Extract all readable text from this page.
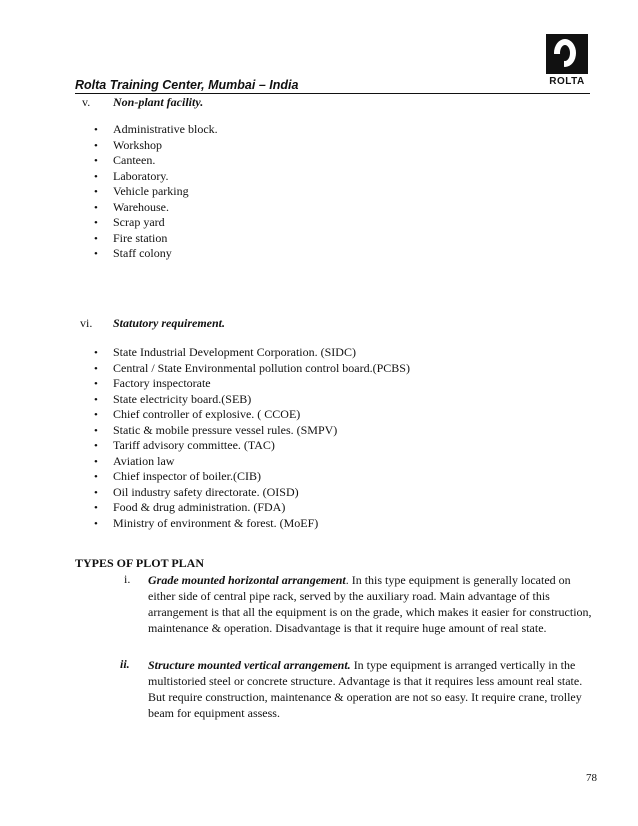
ROLTA
Rolta Training Center, Mumbai – India
v. Non-plant facility.
• Administrative block.
• Workshop
• Canteen.
• Laboratory.
• Vehicle parking
• Warehouse.
• Scrap yard
• Fire station
• Staff colony
vi. Statutory requirement.
• State Industrial Development Corporation. (SIDC)
• Central / State Environmental pollution control board.(PCBS)
• Factory inspectorate
• State electricity board.(SEB)
• Chief controller of explosive. ( CCOE)
• Static & mobile pressure vessel rules. (SMPV)
• Tariff advisory committee. (TAC)
• Aviation law
• Chief inspector of boiler.(CIB)
• Oil industry safety directorate. (OISD)
• Food & drug administration. (FDA)
• Ministry of environment & forest. (MoEF)
TYPES OF PLOT PLAN
i. Grade mounted horizontal arrangement. In this type equipment is generally located on either side of central pipe rack, served by the auxiliary road. Main advantage of this arrangement is that all the equipment is on the grade, which makes it easier for construction, maintenance & operation. Disadvantage is that it require huge amount of real state.
ii. Structure mounted vertical arrangement. In type equipment is arranged vertically in the multistoried steel or concrete structure. Advantage is that it requires less amount real state. But require construction, maintenance & operation are not so easy. It require crane, trolley beam for equipment assess.
78
